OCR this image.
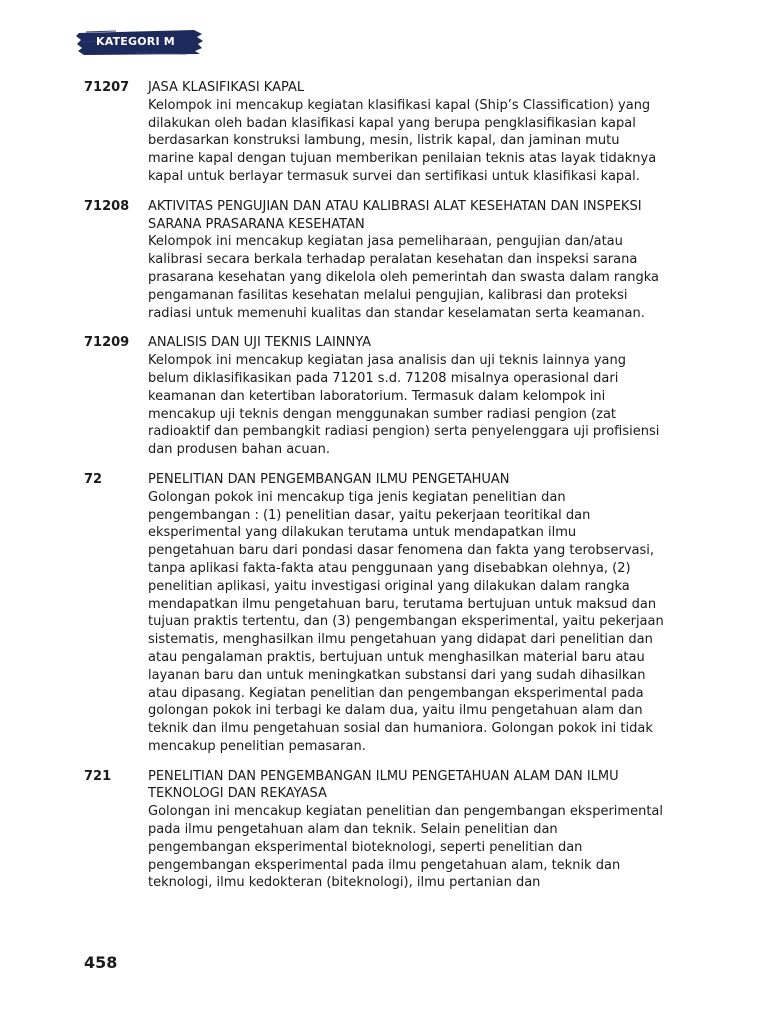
KATEGORI M
71207 JASA KLASIFIKASI KAPAL
Kelompok ini mencakup kegiatan klasifikasi kapal (Ship’s Classification) yang dilakukan oleh badan klasifikasi kapal yang berupa pengklasifikasian kapal berdasarkan konstruksi lambung, mesin, listrik kapal, dan jaminan mutu marine kapal dengan tujuan memberikan penilaian teknis atas layak tidaknya kapal untuk berlayar termasuk survei dan sertifikasi untuk klasifikasi kapal.
71208 AKTIVITAS PENGUJIAN DAN ATAU KALIBRASI ALAT KESEHATAN DAN INSPEKSI SARANA PRASARANA KESEHATAN
Kelompok ini mencakup kegiatan jasa pemeliharaan, pengujian dan/atau kalibrasi secara berkala terhadap peralatan kesehatan dan inspeksi sarana prasarana kesehatan yang dikelola oleh pemerintah dan swasta dalam rangka pengamanan fasilitas kesehatan melalui pengujian, kalibrasi dan proteksi radiasi untuk memenuhi kualitas dan standar keselamatan serta keamanan.
71209 ANALISIS DAN UJI TEKNIS LAINNYA
Kelompok ini mencakup kegiatan jasa analisis dan uji teknis lainnya yang belum diklasifikasikan pada 71201 s.d. 71208 misalnya operasional dari keamanan dan ketertiban laboratorium. Termasuk dalam kelompok ini mencakup uji teknis dengan menggunakan sumber radiasi pengion (zat radioaktif dan pembangkit radiasi pengion) serta penyelenggara uji profisiensi dan produsen bahan acuan.
72	PENELITIAN DAN PENGEMBANGAN ILMU PENGETAHUAN
Golongan pokok ini mencakup tiga jenis kegiatan penelitian dan pengembangan : (1) penelitian dasar, yaitu pekerjaan teoritikal dan eksperimental yang dilakukan terutama untuk mendapatkan ilmu pengetahuan baru dari pondasi dasar fenomena dan fakta yang terobservasi, tanpa aplikasi fakta-fakta atau penggunaan yang disebabkan olehnya, (2) penelitian aplikasi, yaitu investigasi original yang dilakukan dalam rangka mendapatkan ilmu pengetahuan baru, terutama bertujuan untuk maksud dan tujuan praktis tertentu, dan (3) pengembangan eksperimental, yaitu pekerjaan sistematis, menghasilkan ilmu pengetahuan yang didapat dari penelitian dan atau pengalaman praktis, bertujuan untuk menghasilkan material baru atau layanan baru dan untuk meningkatkan substansi dari yang sudah dihasilkan atau dipasang. Kegiatan penelitian dan pengembangan eksperimental pada golongan pokok ini terbagi ke dalam dua, yaitu ilmu pengetahuan alam dan teknik dan ilmu pengetahuan sosial dan humaniora. Golongan pokok ini tidak mencakup penelitian pemasaran.
721	PENELITIAN DAN PENGEMBANGAN ILMU PENGETAHUAN ALAM DAN ILMU TEKNOLOGI DAN REKAYASA
Golongan ini mencakup kegiatan penelitian dan pengembangan eksperimental pada ilmu pengetahuan alam dan teknik. Selain penelitian dan pengembangan eksperimental bioteknologi, seperti penelitian dan pengembangan eksperimental pada ilmu pengetahuan alam, teknik dan teknologi, ilmu kedokteran (biteknologi), ilmu pertanian dan
458
